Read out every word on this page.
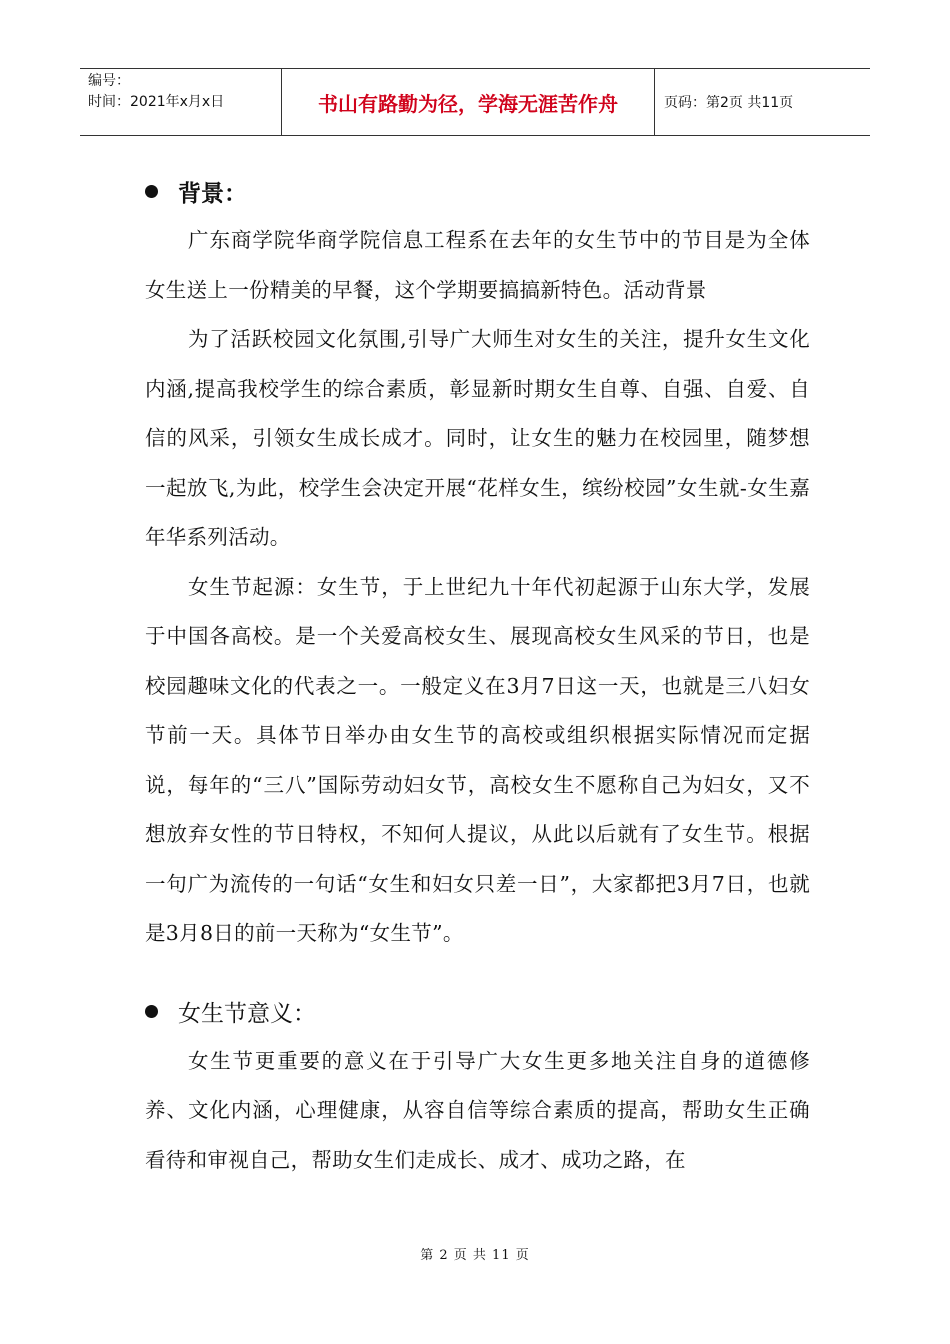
编号：
时间：2021年x月x日	书山有路勤为径，学海无涯苦作舟	页码：第2页 共11页
背景：

广东商学院华商学院信息工程系在去年的女生节中的节目是为全体女生送上一份精美的早餐，这个学期要搞搞新特色。活动背景

为了活跃校园文化氛围,引导广大师生对女生的关注，提升女生文化内涵,提高我校学生的综合素质，彰显新时期女生自尊、自强、自爱、自信的风采，引领女生成长成才。同时，让女生的魅力在校园里，随梦想一起放飞,为此，校学生会决定开展“花样女生，缤纷校园”女生就-女生嘉年华系列活动。

女生节起源：女生节，于上世纪九十年代初起源于山东大学，发展于中国各高校。是一个关爱高校女生、展现高校女生风采的节日，也是校园趣味文化的代表之一。一般定义在3月7日这一天，也就是三八妇女节前一天。具体节日举办由女生节的高校或组织根据实际情况而定据说，每年的“三八”国际劳动妇女节，高校女生不愿称自己为妇女，又不想放弃女性的节日特权，不知何人提议，从此以后就有了女生节。根据一句广为流传的一句话“女生和妇女只差一日”，大家都把3月7日，也就是3月8日的前一天称为“女生节”。

女生节意义：

女生节更重要的意义在于引导广大女生更多地关注自身的道德修养、文化内涵，心理健康，从容自信等综合素质的提高，帮助女生正确看待和审视自己，帮助女生们走成长、成才、成功之路，在

第 2 页 共 11 页
